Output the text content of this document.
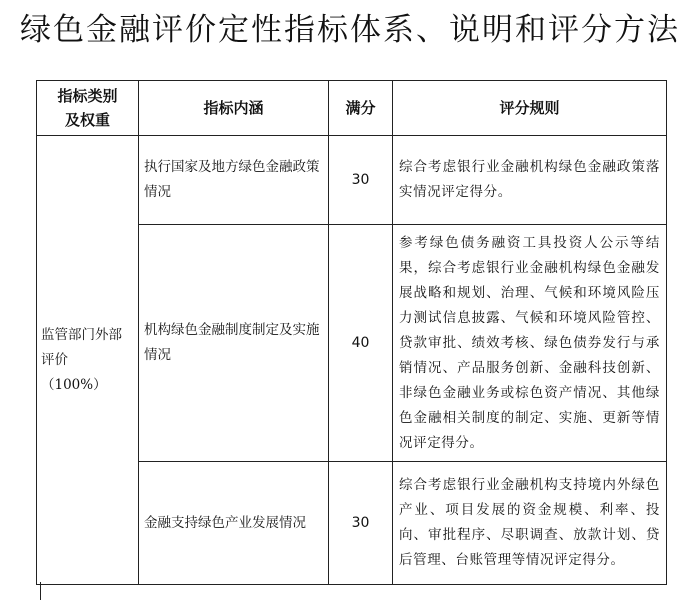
绿色金融评价定性指标体系、说明和评分方法
指标类别
及权重	指标内涵	满分	评分规则

监管部门外部
评价
（100%）	执行国家及地方绿色金融政策情况	30	综合考虑银行业金融机构绿色金融政策落实情况评定得分。
	机构绿色金融制度制定及实施情况	40	参考绿色债务融资工具投资人公示等结果，综合考虑银行业金融机构绿色金融发展战略和规划、治理、气候和环境风险压力测试信息披露、气候和环境风险管控、贷款审批、绩效考核、绿色债券发行与承销情况、产品服务创新、金融科技创新、非绿色金融业务或棕色资产情况、其他绿色金融相关制度的制定、实施、更新等情况评定得分。
	金融支持绿色产业发展情况	30	综合考虑银行业金融机构支持境内外绿色产业、项目发展的资金规模、利率、投向、审批程序、尽职调查、放款计划、贷后管理、台账管理等情况评定得分。
